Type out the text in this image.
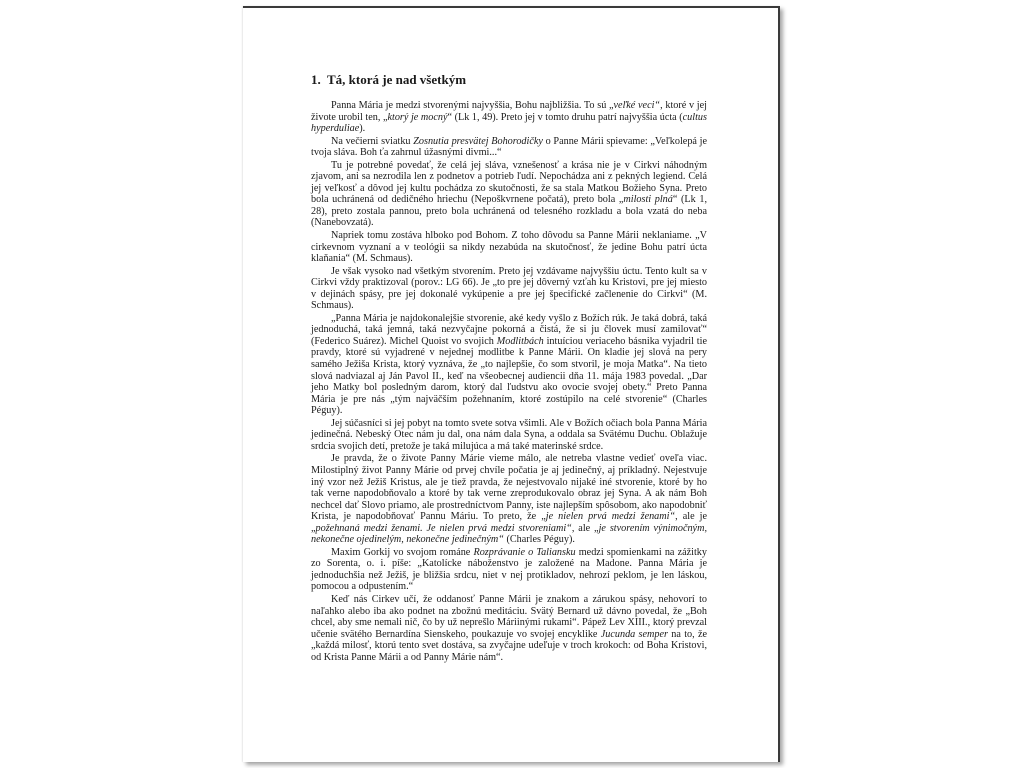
1. Tá, ktorá je nad všetkým

Panna Mária je medzi stvorenými najvyššia, Bohu najbližšia. To sú „veľké veci“, ktoré v jej živote urobil ten, „ktorý je mocný“ (Lk 1, 49). Preto jej v tomto druhu patrí najvyššia úcta (cultus hyperduliae).

Na večierni sviatku Zosnutia presvätej Bohorodičky o Panne Márii spievame: „Veľkolepá je tvoja sláva. Boh ťa zahrnul úžasnými divmi...“

Tu je potrebné povedať, že celá jej sláva, vznešenosť a krása nie je v Cirkvi náhodným zjavom, ani sa nezrodila len z podnetov a potrieb ľudí. Nepochádza ani z pekných legiend. Celá jej veľkosť a dôvod jej kultu pochádza zo skutočnosti, že sa stala Matkou Božieho Syna. Preto bola uchránená od dedičného hriechu (Nepoškvrnene počatá), preto bola „milosti plná“ (Lk 1, 28), preto zostala pannou, preto bola uchránená od telesného rozkladu a bola vzatá do neba (Nanebovzatá).

Napriek tomu zostáva hlboko pod Bohom. Z toho dôvodu sa Panne Márii neklaniame. „V cirkevnom vyznaní a v teológii sa nikdy nezabúda na skutočnosť, že jedine Bohu patrí úcta klaňania“ (M. Schmaus).

Je však vysoko nad všetkým stvorením. Preto jej vzdávame najvyššiu úctu. Tento kult sa v Cirkvi vždy praktizoval (porov.: LG 66). Je „to pre jej dôverný vzťah ku Kristovi, pre jej miesto v dejinách spásy, pre jej dokonalé vykúpenie a pre jej špecifické začlenenie do Cirkvi“ (M. Schmaus).

„Panna Mária je najdokonalejšie stvorenie, aké kedy vyšlo z Božích rúk. Je taká dobrá, taká jednoduchá, taká jemná, taká nezvyčajne pokorná a čistá, že si ju človek musí zamilovať“ (Federico Suárez). Michel Quoist vo svojich Modlitbách intuíciou veriaceho básnika vyjadril tie pravdy, ktoré sú vyjadrené v nejednej modlitbe k Panne Márii. On kladie jej slová na pery samého Ježiša Krista, ktorý vyznáva, že „to najlepšie, čo som stvoril, je moja Matka“. Na tieto slová nadviazal aj Ján Pavol II., keď na všeobecnej audiencii dňa 11. mája 1983 povedal. „Dar jeho Matky bol posledným darom, ktorý dal ľudstvu ako ovocie svojej obety.“ Preto Panna Mária je pre nás „tým najväčším požehnaním, ktoré zostúpilo na celé stvorenie“ (Charles Péguy).

Jej súčasníci si jej pobyt na tomto svete sotva všimli. Ale v Božích očiach bola Panna Mária jedinečná. Nebeský Otec nám ju dal, ona nám dala Syna, a oddala sa Svätému Duchu. Oblažuje srdcia svojich detí, pretože je taká milujúca a má také materinské srdce.

Je pravda, že o živote Panny Márie vieme málo, ale netreba vlastne vedieť oveľa viac. Milostiplný život Panny Márie od prvej chvíle počatia je aj jedinečný, aj príkladný. Nejestvuje iný vzor než Ježiš Kristus, ale je tiež pravda, že nejestvovalo nijaké iné stvorenie, ktoré by ho tak verne napodobňovalo a ktoré by tak verne zreprodukovalo obraz jej Syna. A ak nám Boh nechcel dať Slovo priamo, ale prostredníctvom Panny, iste najlepším spôsobom, ako napodobniť Krista, je napodobňovať Pannu Máriu. To preto, že „je nielen prvá medzi ženami“, ale je „požehnaná medzi ženami. Je nielen prvá medzi stvoreniami“, ale „je stvorením výnimočným, nekonečne ojedinelým, nekonečne jedinečným“ (Charles Péguy).

Maxim Gorkij vo svojom románe Rozprávanie o Taliansku medzi spomienkami na zážitky zo Sorenta, o. i. píše: „Katolícke náboženstvo je založené na Madone. Panna Mária je jednoduchšia než Ježiš, je bližšia srdcu, niet v nej protikladov, nehrozí peklom, je len láskou, pomocou a odpustením.“

Keď nás Cirkev učí, že oddanosť Panne Márii je znakom a zárukou spásy, nehovorí to naľahko alebo iba ako podnet na zbožnú meditáciu. Svätý Bernard už dávno povedal, že „Boh chcel, aby sme nemali nič, čo by už neprešlo Máriinými rukami“. Pápež Lev XIII., ktorý prevzal učenie svätého Bernardína Sienskeho, poukazuje vo svojej encyklike Jucunda semper na to, že „každá milosť, ktorú tento svet dostáva, sa zvyčajne udeľuje v troch krokoch: od Boha Kristovi, od Krista Panne Márii a od Panny Márie nám“.
